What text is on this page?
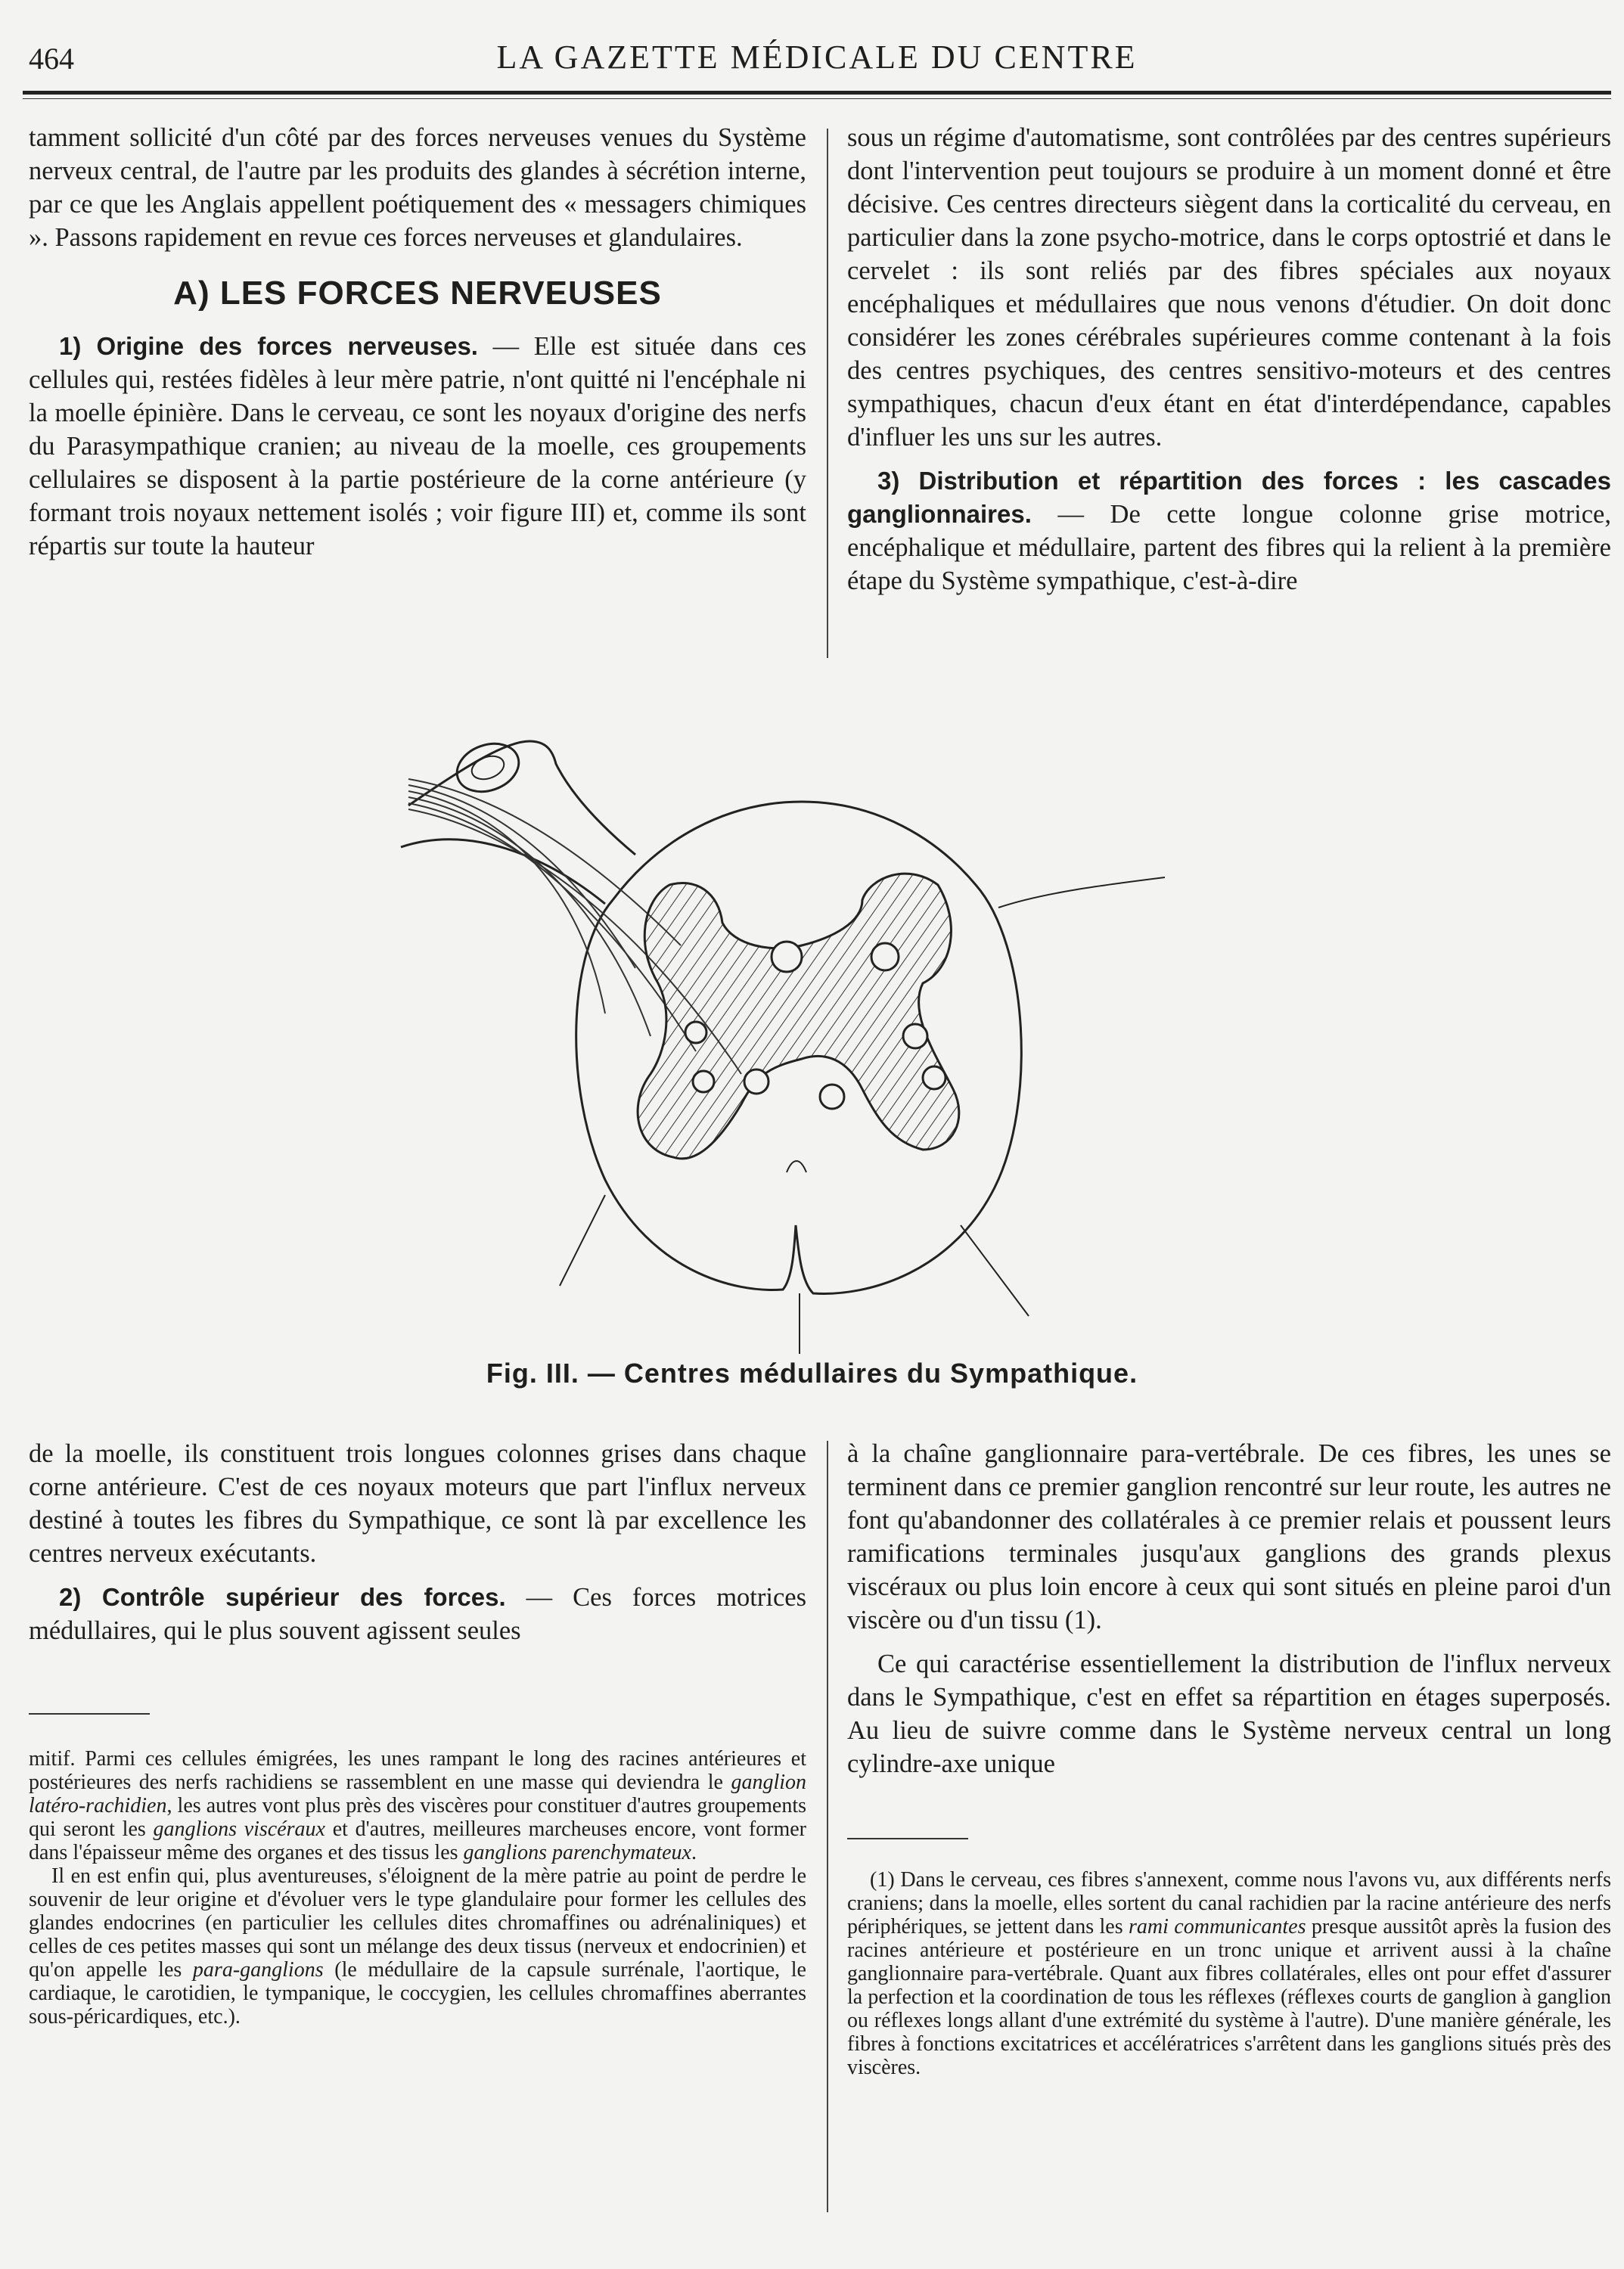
464	LA GAZETTE MÉDICALE DU CENTRE

tamment sollicité d'un côté par des forces nerveuses venues du Système nerveux central, de l'autre par les produits des glandes à sécrétion interne, par ce que les Anglais appellent poétiquement des « messagers chimiques ». Passons rapidement en revue ces forces nerveuses et glandulaires.

A) LES FORCES NERVEUSES

1) Origine des forces nerveuses. — Elle est située dans ces cellules qui, restées fidèles à leur mère patrie, n'ont quitté ni l'encéphale ni la moelle épinière. Dans le cerveau, ce sont les noyaux d'origine des nerfs du Parasympathique cranien; au niveau de la moelle, ces groupements cellulaires se disposent à la partie postérieure de la corne antérieure (y formant trois noyaux nettement isolés ; voir figure III) et, comme ils sont répartis sur toute la hauteur

sous un régime d'automatisme, sont contrôlées par des centres supérieurs dont l'intervention peut toujours se produire à un moment donné et être décisive. Ces centres directeurs siègent dans la corticalité du cerveau, en particulier dans la zone psycho-motrice, dans le corps optostrié et dans le cervelet : ils sont reliés par des fibres spéciales aux noyaux encéphaliques et médullaires que nous venons d'étudier. On doit donc considérer les zones cérébrales supérieures comme contenant à la fois des centres psychiques, des centres sensitivo-moteurs et des centres sympathiques, chacun d'eux étant en état d'interdépendance, capables d'influer les uns sur les autres.

3) Distribution et répartition des forces : les cascades ganglionnaires. — De cette longue colonne grise motrice, encéphalique et médullaire, partent des fibres qui la relient à la première étape du Système sympathique, c'est-à-dire

Fig. III. — Centres médullaires du Sympathique.

de la moelle, ils constituent trois longues colonnes grises dans chaque corne antérieure. C'est de ces noyaux moteurs que part l'influx nerveux destiné à toutes les fibres du Sympathique, ce sont là par excellence les centres nerveux exécutants.

2) Contrôle supérieur des forces. — Ces forces motrices médullaires, qui le plus souvent agissent seules

à la chaîne ganglionnaire para-vertébrale. De ces fibres, les unes se terminent dans ce premier ganglion rencontré sur leur route, les autres ne font qu'abandonner des collatérales à ce premier relais et poussent leurs ramifications terminales jusqu'aux ganglions des grands plexus viscéraux ou plus loin encore à ceux qui sont situés en pleine paroi d'un viscère ou d'un tissu (1).

Ce qui caractérise essentiellement la distribution de l'influx nerveux dans le Sympathique, c'est en effet sa répartition en étages superposés. Au lieu de suivre comme dans le Système nerveux central un long cylindre-axe unique

mitif. Parmi ces cellules émigrées, les unes rampant le long des racines antérieures et postérieures des nerfs rachidiens se rassemblent en une masse qui deviendra le ganglion latéro-rachidien, les autres vont plus près des viscères pour constituer d'autres groupements qui seront les ganglions viscéraux et d'autres, meilleures marcheuses encore, vont former dans l'épaisseur même des organes et des tissus les ganglions parenchymateux.

Il en est enfin qui, plus aventureuses, s'éloignent de la mère patrie au point de perdre le souvenir de leur origine et d'évoluer vers le type glandulaire pour former les cellules des glandes endocrines (en particulier les cellules dites chromaffines ou adrénaliniques) et celles de ces petites masses qui sont un mélange des deux tissus (nerveux et endocrinien) et qu'on appelle les para-ganglions (le médullaire de la capsule surrénale, l'aortique, le cardiaque, le carotidien, le tympanique, le coccygien, les cellules chromaffines aberrantes sous-péricardiques, etc.).

(1) Dans le cerveau, ces fibres s'annexent, comme nous l'avons vu, aux différents nerfs craniens; dans la moelle, elles sortent du canal rachidien par la racine antérieure des nerfs périphériques, se jettent dans les rami communicantes presque aussitôt après la fusion des racines antérieure et postérieure en un tronc unique et arrivent aussi à la chaîne ganglionnaire para-vertébrale. Quant aux fibres collatérales, elles ont pour effet d'assurer la perfection et la coordination de tous les réflexes (réflexes courts de ganglion à ganglion ou réflexes longs allant d'une extrémité du système à l'autre). D'une manière générale, les fibres à fonctions excitatrices et accélératrices s'arrêtent dans les ganglions situés près des viscères.
